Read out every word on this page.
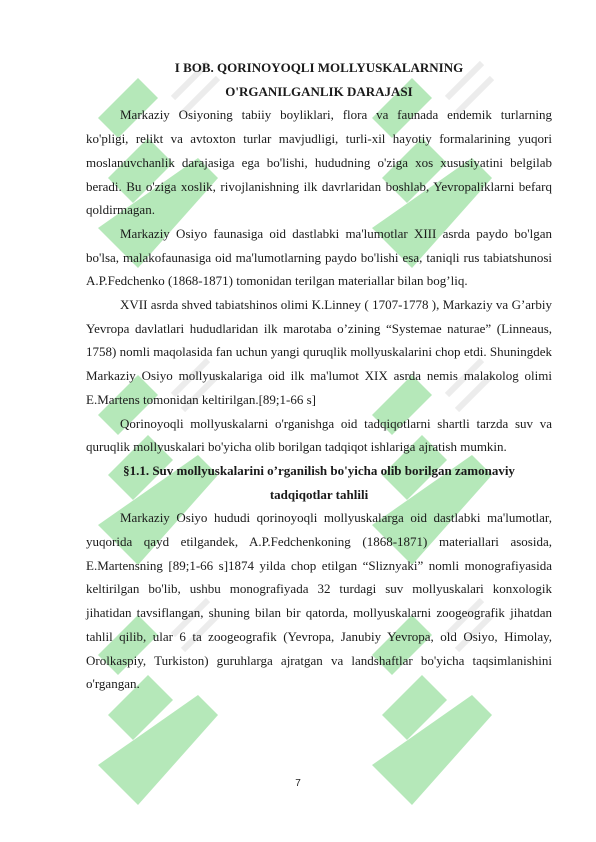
I BOB. QORINOYOQLI MOLLYUSKALARNING
O'RGANILGANLIK DARAJASI

Markaziy Osiyoning tabiiy boyliklari, flora va faunada endemik turlarning ko'pligi, relikt va avtoxton turlar mavjudligi, turli-xil hayotiy formalarining yuqori moslanuvchanlik darajasiga ega bo'lishi, hududning o'ziga xos xususiyatini belgilab beradi. Bu o'ziga xoslik, rivojlanishning ilk davrlaridan boshlab, Yevropaliklarni befarq qoldirmagan.

Markaziy Osiyo faunasiga oid dastlabki ma'lumotlar XIII asrda paydo bo'lgan bo'lsa, malakofaunasiga oid ma'lumotlarning paydo bo'lishi esa, taniqli rus tabiatshunosi A.P.Fedchenko (1868-1871) tomonidan terilgan materiallar bilan bog’liq.

XVII asrda shved tabiatshinos olimi K.Linney ( 1707-1778 ), Markaziy va G’arbiy Yevropa davlatlari hududlaridan ilk marotaba o’zining “Systemae naturae” (Linneaus, 1758) nomli maqolasida fan uchun yangi quruqlik mollyuskalarini chop etdi. Shuningdek Markaziy Osiyo mollyuskalariga oid ilk ma'lumot XIX asrda nemis malakolog olimi E.Martens tomonidan keltirilgan.[89;1-66 s]

Qorinoyoqli mollyuskalarni o'rganishga oid tadqiqotlarni shartli tarzda suv va quruqlik mollyuskalari bo'yicha olib borilgan tadqiqot ishlariga ajratish mumkin.

§1.1. Suv mollyuskalarini o’rganilish bo'yicha olib borilgan zamonaviy
tadqiqotlar tahlili

Markaziy Osiyo hududi qorinoyoqli mollyuskalarga oid dastlabki ma'lumotlar, yuqorida qayd etilgandek, A.P.Fedchenkoning (1868-1871) materiallari asosida, E.Martensning [89;1-66 s]1874 yilda chop etilgan “Sliznyaki” nomli monografiyasida keltirilgan bo'lib, ushbu monografiyada 32 turdagi suv mollyuskalari konxologik jihatidan tavsiflangan, shuning bilan bir qatorda, mollyuskalarni zoogeografik jihatdan tahlil qilib, ular 6 ta zoogeografik (Yevropa, Janubiy Yevropa, old Osiyo, Himolay, Orolkaspiy, Turkiston) guruhlarga ajratgan va landshaftlar bo'yicha taqsimlanishini o'rgangan.

7
